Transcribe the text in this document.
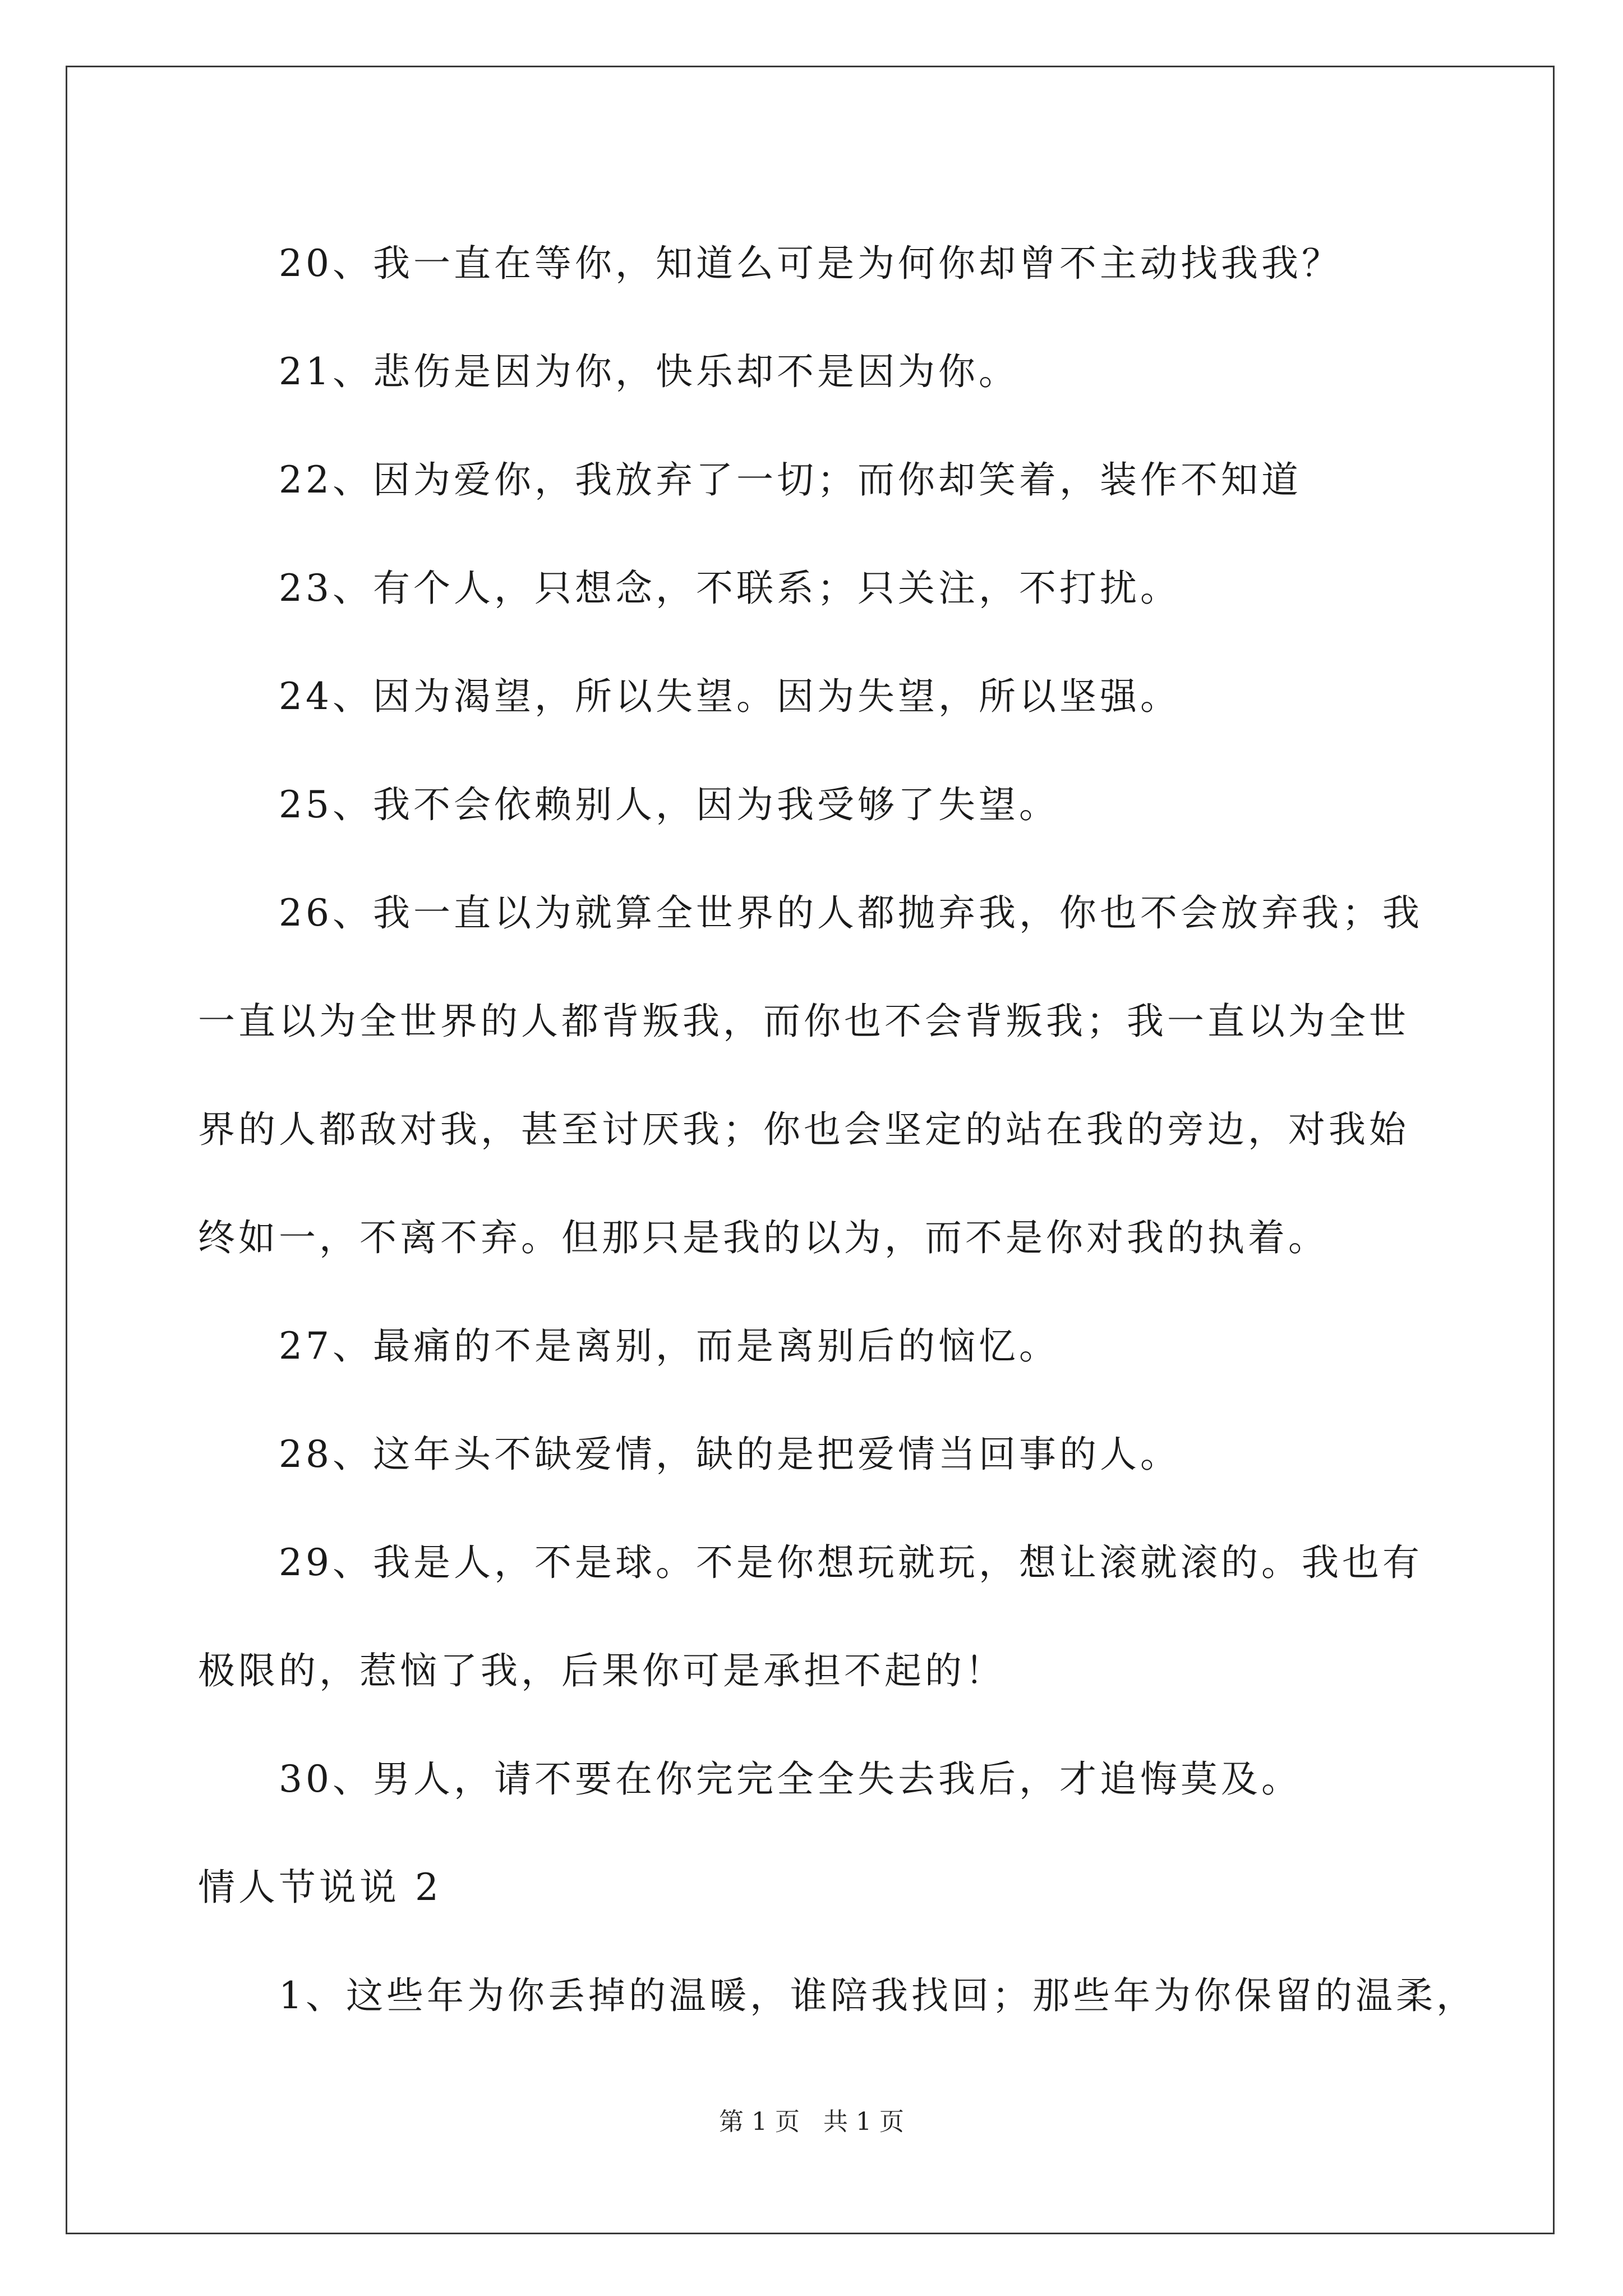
20、我一直在等你，知道么可是为何你却曾不主动找我我？

21、悲伤是因为你，快乐却不是因为你。

22、因为爱你，我放弃了一切；而你却笑着，装作不知道

23、有个人，只想念，不联系；只关注，不打扰。

24、因为渴望，所以失望。因为失望，所以坚强。

25、我不会依赖别人，因为我受够了失望。

26、我一直以为就算全世界的人都抛弃我，你也不会放弃我；我一直以为全世界的人都背叛我，而你也不会背叛我；我一直以为全世界的人都敌对我，甚至讨厌我；你也会坚定的站在我的旁边，对我始终如一，不离不弃。但那只是我的以为，而不是你对我的执着。

27、最痛的不是离别，而是离别后的恼忆。

28、这年头不缺爱情，缺的是把爱情当回事的人。

29、我是人，不是球。不是你想玩就玩，想让滚就滚的。我也有极限的，惹恼了我，后果你可是承担不起的！

30、男人，请不要在你完完全全失去我后，才追悔莫及。

情人节说说 2

1、这些年为你丢掉的温暖，谁陪我找回；那些年为你保留的温柔，

第 1 页 共 1 页
